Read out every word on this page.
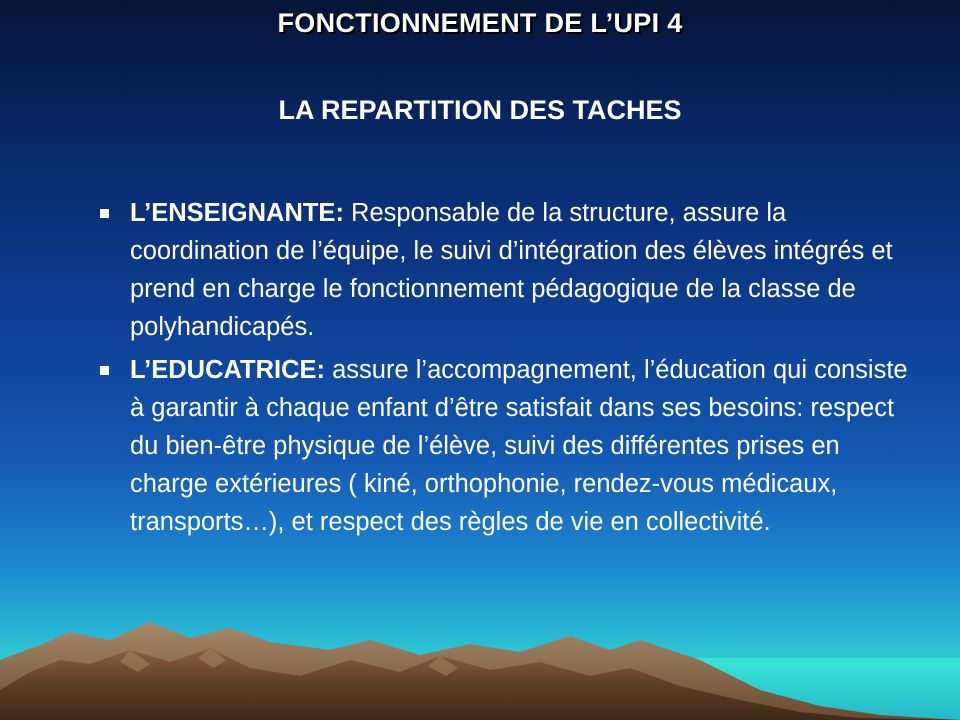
FONCTIONNEMENT DE L’UPI 4
LA REPARTITION DES TACHES
L’ENSEIGNANTE: Responsable de la structure, assure la coordination de l’équipe, le suivi d’intégration des élèves intégrés et prend en charge le fonctionnement pédagogique de la classe de polyhandicapés.
L’EDUCATRICE: assure l’accompagnement, l’éducation qui consiste à garantir à chaque enfant d’être satisfait dans ses besoins: respect du bien-être physique de l’élève, suivi des différentes prises en charge extérieures ( kiné, orthophonie, rendez-vous médicaux, transports…), et respect des règles de vie en collectivité.
